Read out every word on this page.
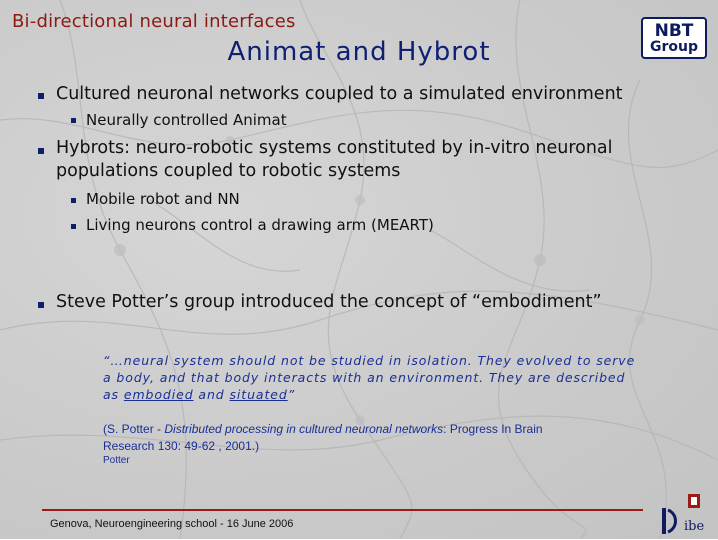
Bi-directional neural interfaces
Animat and Hybrot
NBT
Group
Cultured neuronal networks coupled to a simulated environment
Neurally controlled Animat
Hybrots: neuro-robotic systems constituted by in-vitro neuronal
populations coupled to robotic systems
Mobile robot and NN
Living neurons control a drawing arm (MEART)
Steve Potter’s group introduced the concept of “embodiment”
“…neural system should not be studied in isolation. They evolved to serve
a body, and that body interacts with an environment. They are described
as embodied and situated”
(S. Potter - Distributed processing in cultured neuronal networks: Progress In Brain
Research 130: 49-62 , 2001.)
Potter
Genova, Neuroengineering school - 16 June 2006	ibe
